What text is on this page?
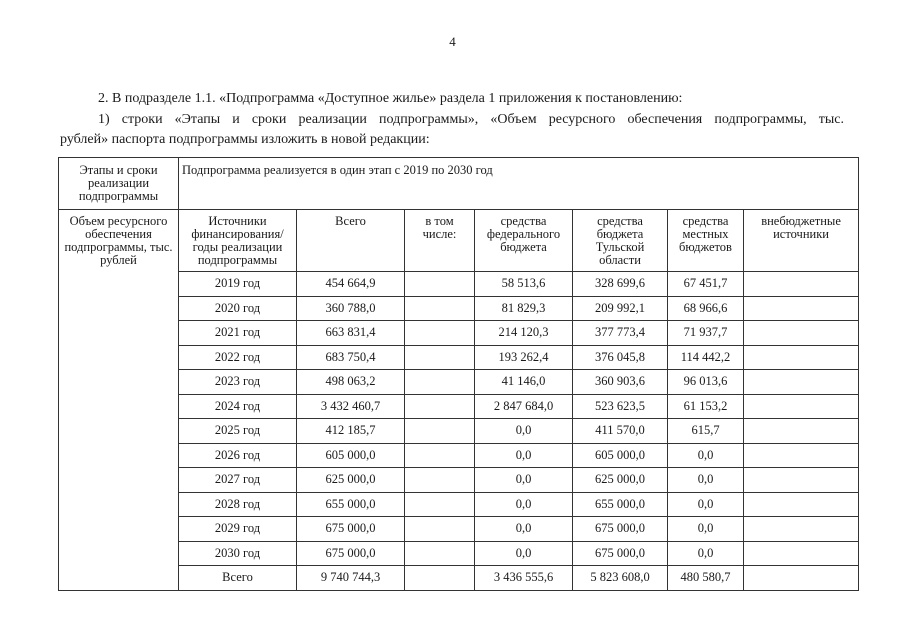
4
2. В подразделе 1.1. «Подпрограмма «Доступное жилье» раздела 1 приложения к постановлению:
1) строки «Этапы и сроки реализации подпрограммы», «Объем ресурсного обеспечения подпрограммы, тыс.
рублей» паспорта подпрограммы изложить в новой редакции:
Этапы и сроки реализации подпрограммы	Подпрограмма реализуется в один этап с 2019 по 2030 год						
Объем ресурсного обеспечения подпрограммы, тыс. рублей	Источники финансирования/ годы реализации подпрограммы	Всего	в том числе:	средства федерального бюджета	средства бюджета Тульской области	средства местных бюджетов	внебюджетные источники
	2019 год	454 664,9		58 513,6	328 699,6	67 451,7	
	2020 год	360 788,0		81 829,3	209 992,1	68 966,6	
	2021 год	663 831,4		214 120,3	377 773,4	71 937,7	
	2022 год	683 750,4		193 262,4	376 045,8	114 442,2	
	2023 год	498 063,2		41 146,0	360 903,6	96 013,6	
	2024 год	3 432 460,7		2 847 684,0	523 623,5	61 153,2	
	2025 год	412 185,7		0,0	411 570,0	615,7	
	2026 год	605 000,0		0,0	605 000,0	0,0	
	2027 год	625 000,0		0,0	625 000,0	0,0	
	2028 год	655 000,0		0,0	655 000,0	0,0	
	2029 год	675 000,0		0,0	675 000,0	0,0	
	2030 год	675 000,0		0,0	675 000,0	0,0	
	Всего	9 740 744,3		3 436 555,6	5 823 608,0	480 580,7	
